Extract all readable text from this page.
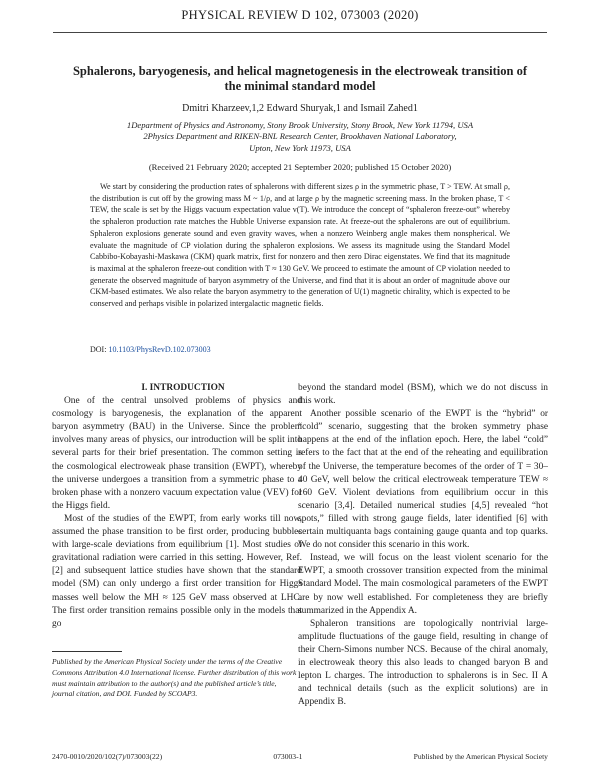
PHYSICAL REVIEW D 102, 073003 (2020)
Sphalerons, baryogenesis, and helical magnetogenesis in the electroweak transition of the minimal standard model
Dmitri Kharzeev,1,2 Edward Shuryak,1 and Ismail Zahed1
1Department of Physics and Astronomy, Stony Brook University, Stony Brook, New York 11794, USA
2Physics Department and RIKEN-BNL Research Center, Brookhaven National Laboratory,
Upton, New York 11973, USA
(Received 21 February 2020; accepted 21 September 2020; published 15 October 2020)

We start by considering the production rates of sphalerons with different sizes ρ in the symmetric phase, T > TEW. At small ρ, the distribution is cut off by the growing mass M ~ 1/ρ, and at large ρ by the magnetic screening mass. In the broken phase, T < TEW, the scale is set by the Higgs vacuum expectation value v(T). We introduce the concept of “sphaleron freeze-out” whereby the sphaleron production rate matches the Hubble Universe expansion rate. At freeze-out the sphalerons are out of equilibrium. Sphaleron explosions generate sound and even gravity waves, when a nonzero Weinberg angle makes them nonspherical. We evaluate the magnitude of CP violation during the sphaleron explosions. We assess its magnitude using the Standard Model Cabbibo-Kobayashi-Maskawa (CKM) quark matrix, first for nonzero and then zero Dirac eigenstates. We find that its magnitude is maximal at the sphaleron freeze-out condition with T ≈ 130 GeV. We proceed to estimate the amount of CP violation needed to generate the observed magnitude of baryon asymmetry of the Universe, and find that it is about an order of magnitude above our CKM-based estimates. We also relate the baryon asymmetry to the generation of U(1) magnetic chirality, which is expected to be conserved and perhaps visible in polarized intergalactic magnetic fields.

DOI: 10.1103/PhysRevD.102.073003

I. INTRODUCTION

One of the central unsolved problems of physics and cosmology is baryogenesis, the explanation of the apparent baryon asymmetry (BAU) in the Universe. Since the problem involves many areas of physics, our introduction will be split into several parts for their brief presentation. The common setting is the cosmological electroweak phase transition (EWPT), whereby the universe undergoes a transition from a symmetric phase to a broken phase with a nonzero vacuum expectation value (VEV) for the Higgs field.

Most of the studies of the EWPT, from early works till now, assumed the phase transition to be first order, producing bubbles with large-scale deviations from equilibrium [1]. Most studies of gravitational radiation were carried in this setting. However, Ref. [2] and subsequent lattice studies have shown that the standard model (SM) can only undergo a first order transition for Higgs masses well below the MH ≈ 125 GeV mass observed at LHC. The first order transition remains possible only in the models that go

beyond the standard model (BSM), which we do not discuss in this work.

Another possible scenario of the EWPT is the “hybrid” or “cold” scenario, suggesting that the broken symmetry phase happens at the end of the inflation epoch. Here, the label “cold” refers to the fact that at the end of the reheating and equilibration of the Universe, the temperature becomes of the order of T = 30–40 GeV, well below the critical electroweak temperature TEW ≈ 160 GeV. Violent deviations from equilibrium occur in this scenario [3,4]. Detailed numerical studies [4,5] revealed “hot spots,” filled with strong gauge fields, later identified [6] with certain multiquanta bags containing gauge quanta and top quarks. We do not consider this scenario in this work.

Instead, we will focus on the least violent scenario for the EWPT, a smooth crossover transition expected from the minimal Standard Model. The main cosmological parameters of the EWPT are by now well established. For completeness they are briefly summarized in the Appendix A.

Sphaleron transitions are topologically nontrivial large-amplitude fluctuations of the gauge field, resulting in change of their Chern-Simons number NCS. Because of the chiral anomaly, in electroweak theory this also leads to changed baryon B and lepton L charges. The introduction to sphalerons is in Sec. II A and technical details (such as the explicit solutions) are in Appendix B.

Published by the American Physical Society under the terms of the Creative Commons Attribution 4.0 International license. Further distribution of this work must maintain attribution to the author(s) and the published article’s title, journal citation, and DOI. Funded by SCOAP3.
2470-0010/2020/102(7)/073003(22)	073003-1	Published by the American Physical Society
